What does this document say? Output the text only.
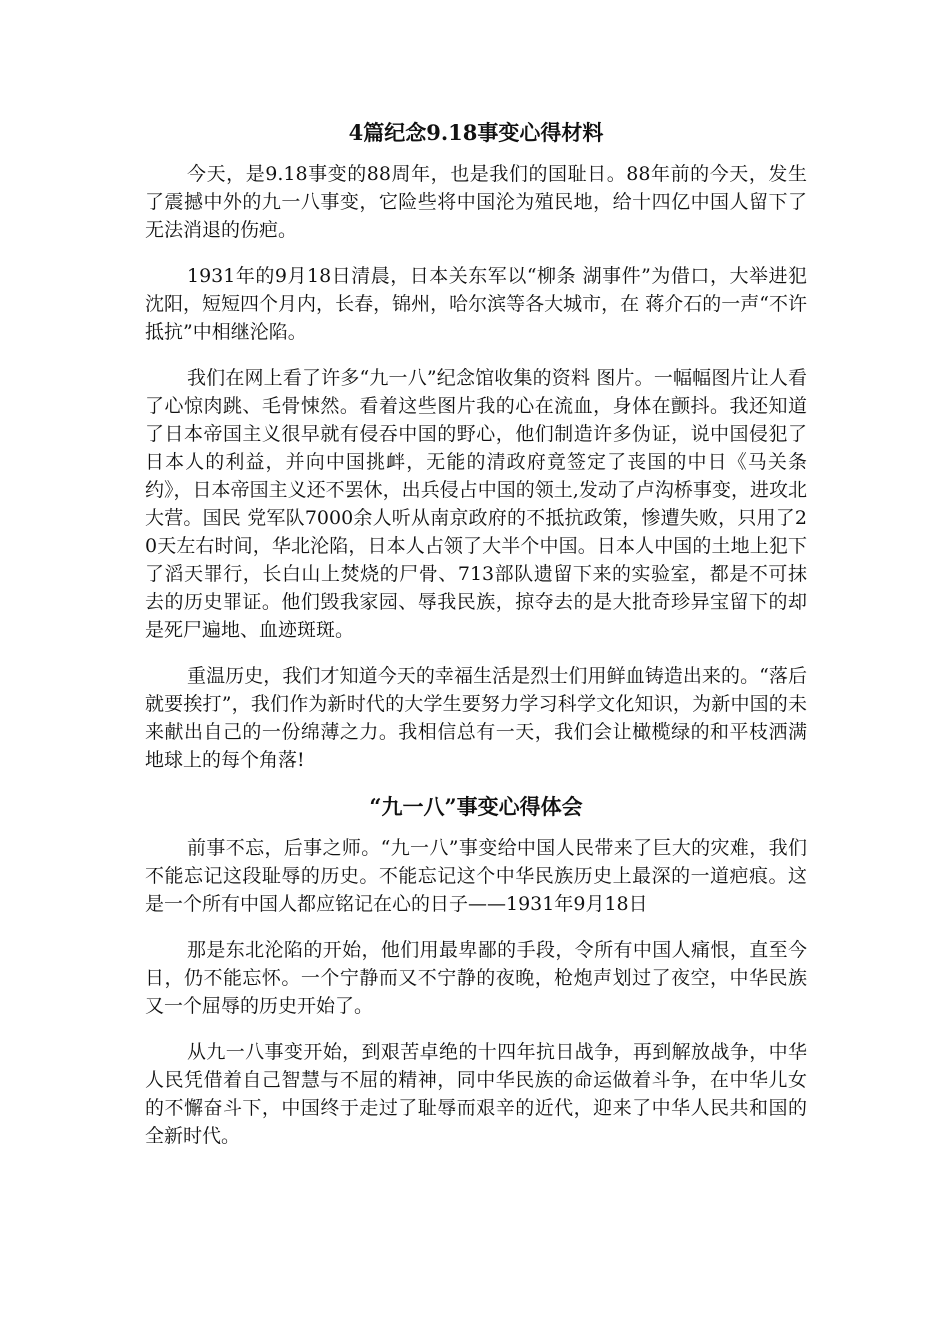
4篇纪念9.18事变心得材料

今天，是9.18事变的88周年，也是我们的国耻日。88年前的今天，发生了震撼中外的九一八事变，它险些将中国沦为殖民地，给十四亿中国人留下了无法消退的伤疤。

1931年的9月18日清晨，日本关东军以“柳条 湖事件”为借口，大举进犯沈阳，短短四个月内，长春，锦州，哈尔滨等各大城市，在 蒋介石的一声“不许抵抗”中相继沦陷。

我们在网上看了许多“九一八”纪念馆收集的资料 图片。一幅幅图片让人看了心惊肉跳、毛骨悚然。看着这些图片我的心在流血，身体在颤抖。我还知道了日本帝国主义很早就有侵吞中国的野心，他们制造许多伪证，说中国侵犯了日本人的利益，并向中国挑衅，无能的清政府竟签定了丧国的中日《马关条约》，日本帝国主义还不罢休，出兵侵占中国的领土,发动了卢沟桥事变，进攻北大营。国民 党军队7000余人听从南京政府的不抵抗政策，惨遭失败，只用了20天左右时间，华北沦陷，日本人占领了大半个中国。日本人中国的土地上犯下了滔天罪行，长白山上焚烧的尸骨、713部队遗留下来的实验室，都是不可抹去的历史罪证。他们毁我家园、辱我民族，掠夺去的是大批奇珍异宝留下的却是死尸遍地、血迹斑斑。

重温历史，我们才知道今天的幸福生活是烈士们用鲜血铸造出来的。“落后就要挨打”，我们作为新时代的大学生要努力学习科学文化知识，为新中国的未来献出自己的一份绵薄之力。我相信总有一天，我们会让橄榄绿的和平枝洒满地球上的每个角落!

“九一八”事变心得体会

前事不忘，后事之师。“九一八”事变给中国人民带来了巨大的灾难，我们不能忘记这段耻辱的历史。不能忘记这个中华民族历史上最深的一道疤痕。这是一个所有中国人都应铭记在心的日子——1931年9月18日

那是东北沦陷的开始，他们用最卑鄙的手段，令所有中国人痛恨，直至今日，仍不能忘怀。一个宁静而又不宁静的夜晚，枪炮声划过了夜空，中华民族又一个屈辱的历史开始了。

从九一八事变开始，到艰苦卓绝的十四年抗日战争，再到解放战争，中华人民凭借着自己智慧与不屈的精神，同中华民族的命运做着斗争，在中华儿女的不懈奋斗下，中国终于走过了耻辱而艰辛的近代，迎来了中华人民共和国的全新时代。
